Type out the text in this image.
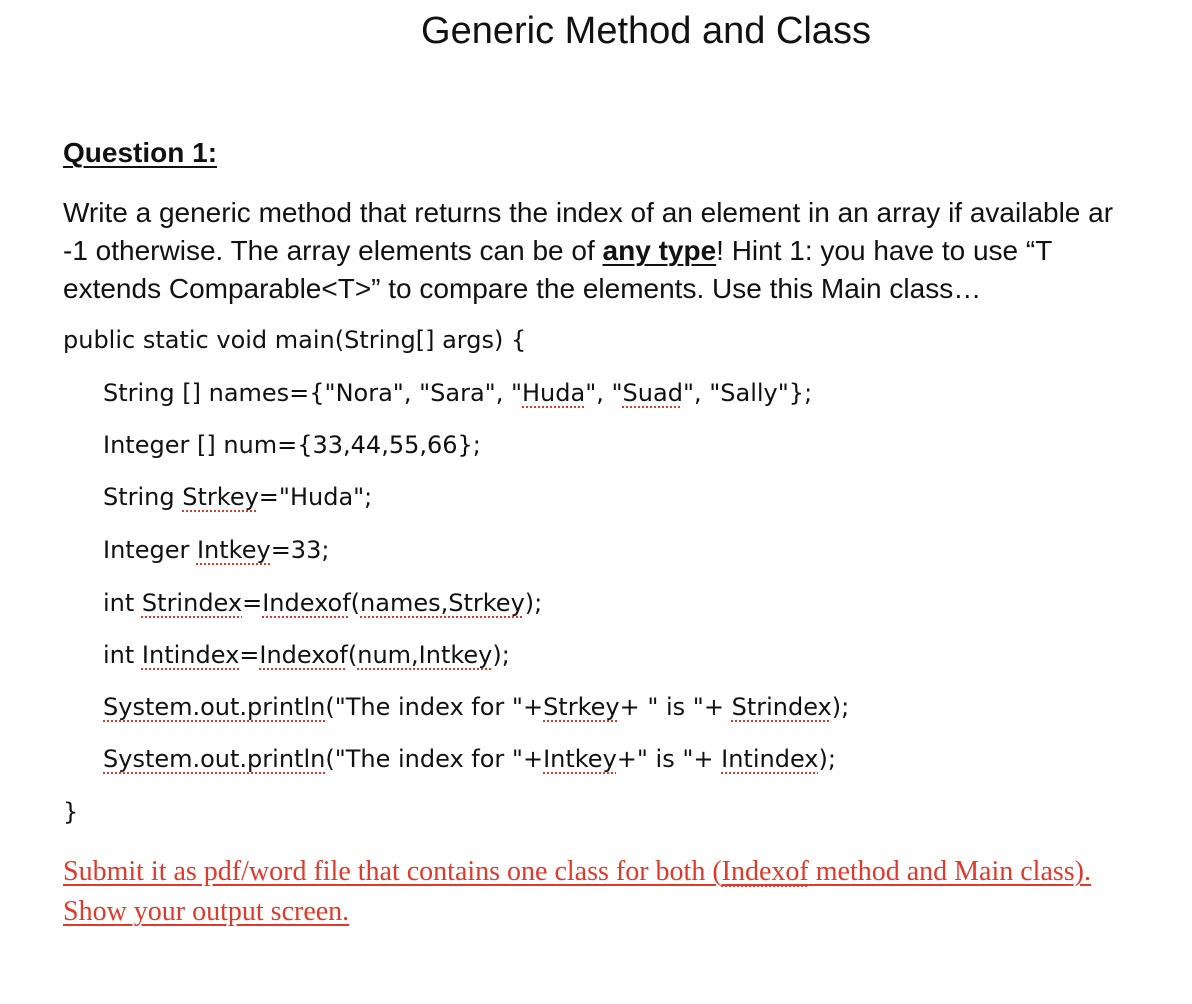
Generic Method and Class
Question 1:
Write a generic method that returns the index of an element in an array if available ar
-1 otherwise. The array elements can be of any type! Hint 1: you have to use “T
extends Comparable<T>” to compare the elements. Use this Main class…
public static void main(String[] args) {
String [] names={"Nora", "Sara", "Huda", "Suad", "Sally"};
Integer [] num={33,44,55,66};
String Strkey="Huda";
Integer Intkey=33;
int Strindex=Indexof(names,Strkey);
int Intindex=Indexof(num,Intkey);
System.out.println("The index for "+Strkey+ " is "+ Strindex);
System.out.println("The index for "+Intkey+" is "+ Intindex);
}
Submit it as pdf/word file that contains one class for both (Indexof method and Main class).
Show your output screen.
